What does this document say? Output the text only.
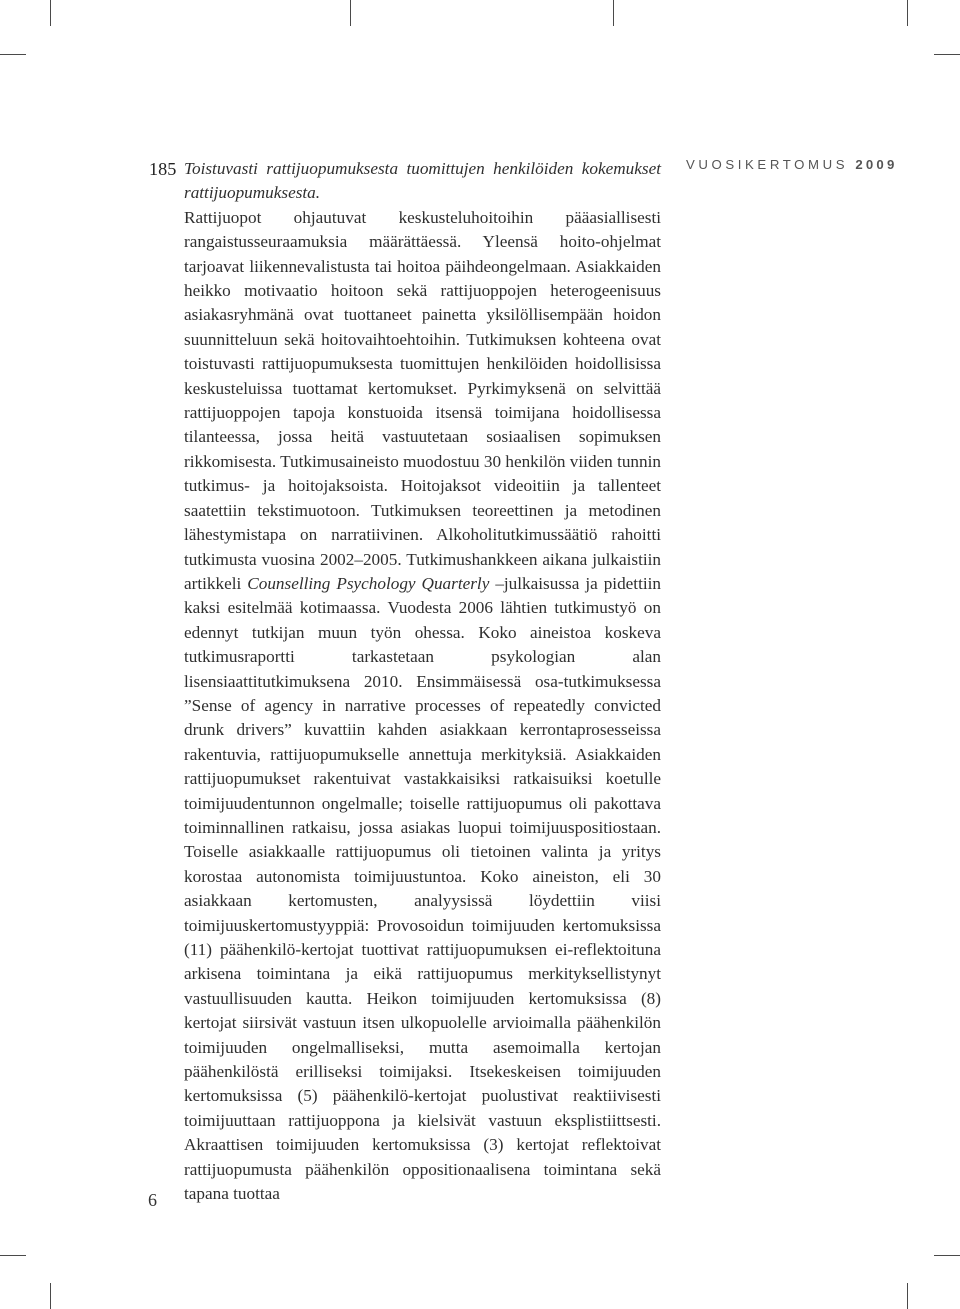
VUOSIKERTOMUS 2009
185 Toistuvasti rattijuopumuksesta tuomittujen henkilöiden kokemukset rattijuopumuksesta.

Rattijuopot ohjautuvat keskusteluhoitoihin pääasiallisesti rangaistusseuraamuksia määrättäessä. Yleensä hoito-ohjelmat tarjoavat liikennevalistusta tai hoitoa päihdeongelmaan. Asiakkaiden heikko motivaatio hoitoon sekä rattijuoppojen heterogeenisuus asiakasryhmänä ovat tuottaneet painetta yksilöllisempään hoidon suunnitteluun sekä hoitovaihtoehtoihin. Tutkimuksen kohteena ovat toistuvasti rattijuopumuksesta tuomittujen henkilöiden hoidollisissa keskusteluissa tuottamat kertomukset. Pyrkimyksenä on selvittää rattijuoppojen tapoja konstuoida itsensä toimijana hoidollisessa tilanteessa, jossa heitä vastuutetaan sosiaalisen sopimuksen rikkomisesta. Tutkimusaineisto muodostuu 30 henkilön viiden tunnin tutkimus- ja hoitojaksoista. Hoitojaksot videoitiin ja tallenteet saatettiin tekstimuotoon. Tutkimuksen teoreettinen ja metodinen lähestymistapa on narratiivinen. Alkoholitutkimussäätiö rahoitti tutkimusta vuosina 2002–2005. Tutkimushankkeen aikana julkaistiin artikkeli Counselling Psychology Quarterly –julkaisussa ja pidettiin kaksi esitelmää kotimaassa. Vuodesta 2006 lähtien tutkimustyö on edennyt tutkijan muun työn ohessa. Koko aineistoa koskeva tutkimusraportti tarkastetaan psykologian alan lisensiaattitutkimuksena 2010. Ensimmäisessä osa-tutkimuksessa ”Sense of agency in narrative processes of repeatedly convicted drunk drivers” kuvattiin kahden asiakkaan kerrontaprosesseissa rakentuvia, rattijuopumukselle annettuja merkityksiä. Asiakkaiden rattijuopumukset rakentuivat vastakkaisiksi ratkaisuiksi koetulle toimijuudentunnon ongelmalle; toiselle rattijuopumus oli pakottava toiminnallinen ratkaisu, jossa asiakas luopui toimijuuspositiostaan. Toiselle asiakkaalle rattijuopumus oli tietoinen valinta ja yritys korostaa autonomista toimijuustuntoa. Koko aineiston, eli 30 asiakkaan kertomusten, analyysissä löydettiin viisi toimijuuskertomustyyppiä: Provosoidun toimijuuden kertomuksissa (11) päähenkilö-kertojat tuottivat rattijuopumuksen ei-reflektoituna arkisena toimintana ja eikä rattijuopumus merkityksellistynyt vastuullisuuden kautta. Heikon toimijuuden kertomuksissa (8) kertojat siirsivät vastuun itsen ulkopuolelle arvioimalla päähenkilön toimijuuden ongelmalliseksi, mutta asemoimalla kertojan päähenkilöstä erilliseksi toimijaksi. Itsekeskeisen toimijuuden kertomuksissa (5) päähenkilö-kertojat puolustivat reaktiivisesti toimijuuttaan rattijuoppona ja kielsivät vastuun eksplistiittsesti. Akraattisen toimijuuden kertomuksissa (3) kertojat reflektoivat rattijuopumusta päähenkilön oppositionaalisena toimintana sekä tapana tuottaa

6
